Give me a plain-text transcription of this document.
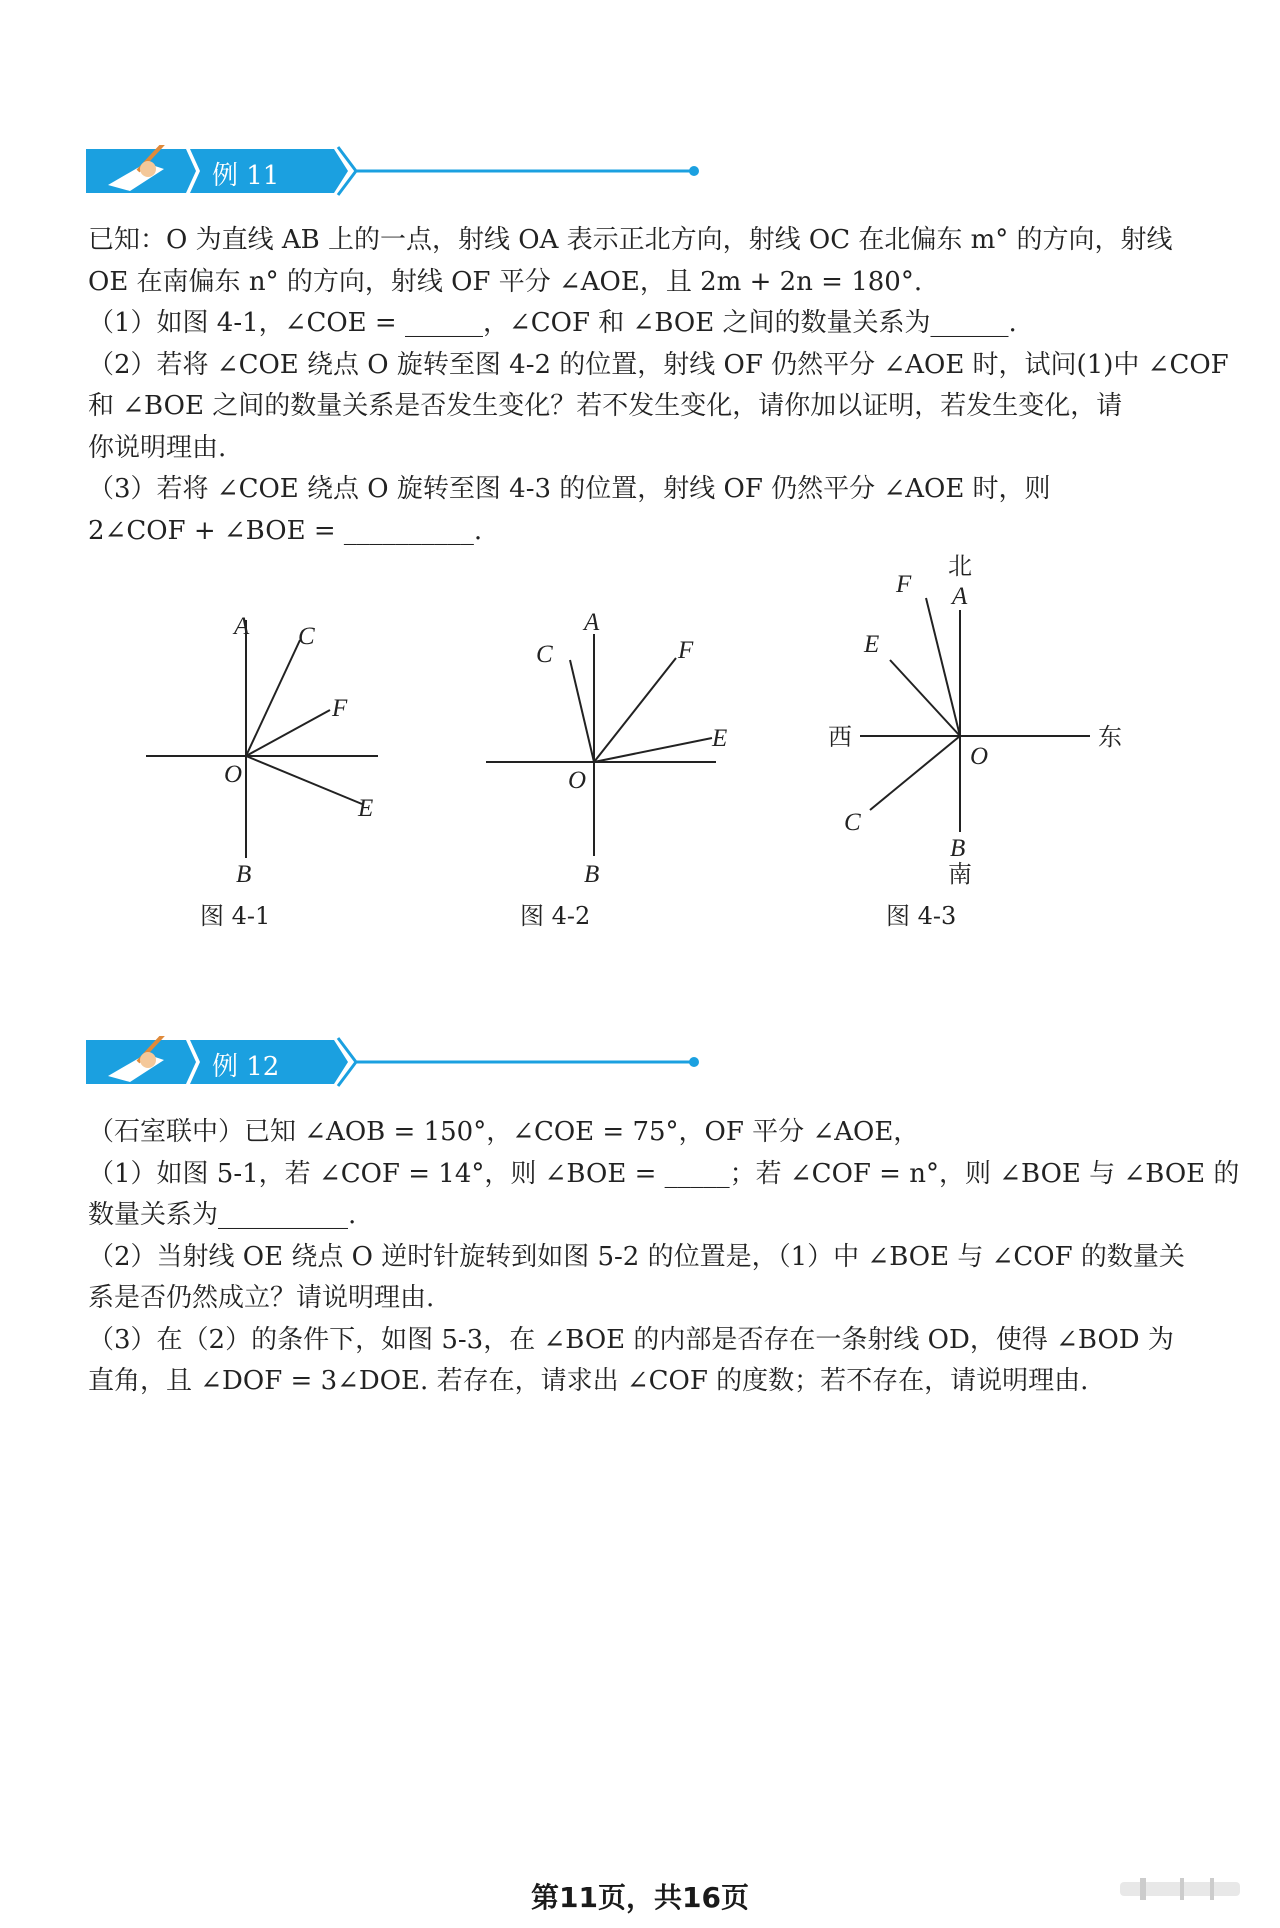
例 11

已知：O 为直线 AB 上的一点，射线 OA 表示正北方向，射线 OC 在北偏东 m° 的方向，射线

OE 在南偏东 n° 的方向，射线 OF 平分 ∠AOE，且 2m + 2n = 180°.

（1）如图 4-1，∠COE = ______，∠COF 和 ∠BOE 之间的数量关系为______.

（2）若将 ∠COE 绕点 O 旋转至图 4-2 的位置，射线 OF 仍然平分 ∠AOE 时，试问(1)中 ∠COF

和 ∠BOE 之间的数量关系是否发生变化？若不发生变化，请你加以证明，若发生变化，请

你说明理由.

（3）若将 ∠COE 绕点 O 旋转至图 4-3 的位置，射线 OF 仍然平分 ∠AOE 时，则

2∠COF + ∠BOE = __________.

A C
F
O
E
B
图 4-1
A
C	F
E
O
B
图 4-2
北
A
F
E
西	东
O
C
B
南
图 4-3
例 12

（石室联中）已知 ∠AOB = 150°，∠COE = 75°，OF 平分 ∠AOE，

（1）如图 5-1，若 ∠COF = 14°，则 ∠BOE = _____；若 ∠COF = n°，则 ∠BOE 与 ∠BOE 的

数量关系为__________.

（2）当射线 OE 绕点 O 逆时针旋转到如图 5-2 的位置是，（1）中 ∠BOE 与 ∠COF 的数量关

系是否仍然成立？请说明理由.

（3）在（2）的条件下，如图 5-3，在 ∠BOE 的内部是否存在一条射线 OD，使得 ∠BOD 为

直角，且 ∠DOF = 3∠DOE. 若存在，请求出 ∠COF 的度数；若不存在，请说明理由.

第11页，共16页
